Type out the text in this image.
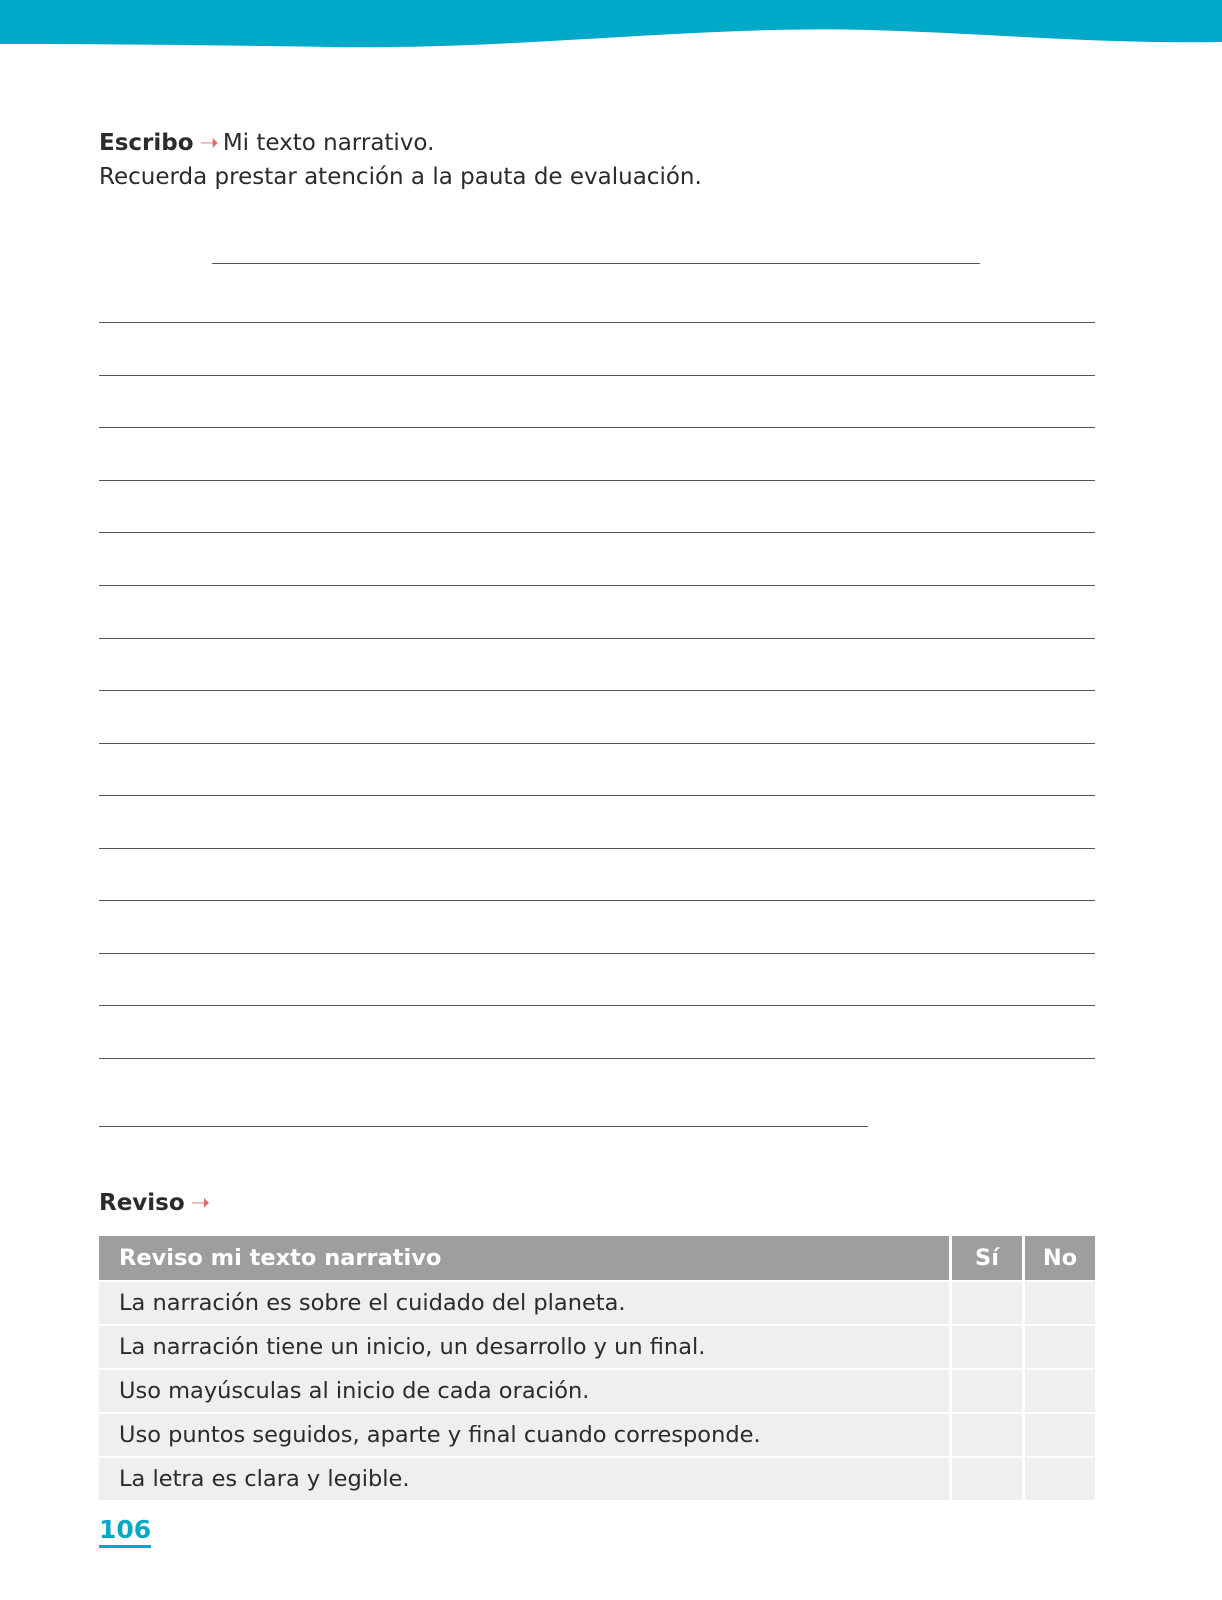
Escribo ➝ Mi texto narrativo.
Recuerda prestar atención a la pauta de evaluación.
Reviso ➝
Reviso mi texto narrativo	Sí	No
La narración es sobre el cuidado del planeta.		
La narración tiene un inicio, un desarrollo y un final.		
Uso mayúsculas al inicio de cada oración.		
Uso puntos seguidos, aparte y final cuando corresponde.		
La letra es clara y legible.		
106
